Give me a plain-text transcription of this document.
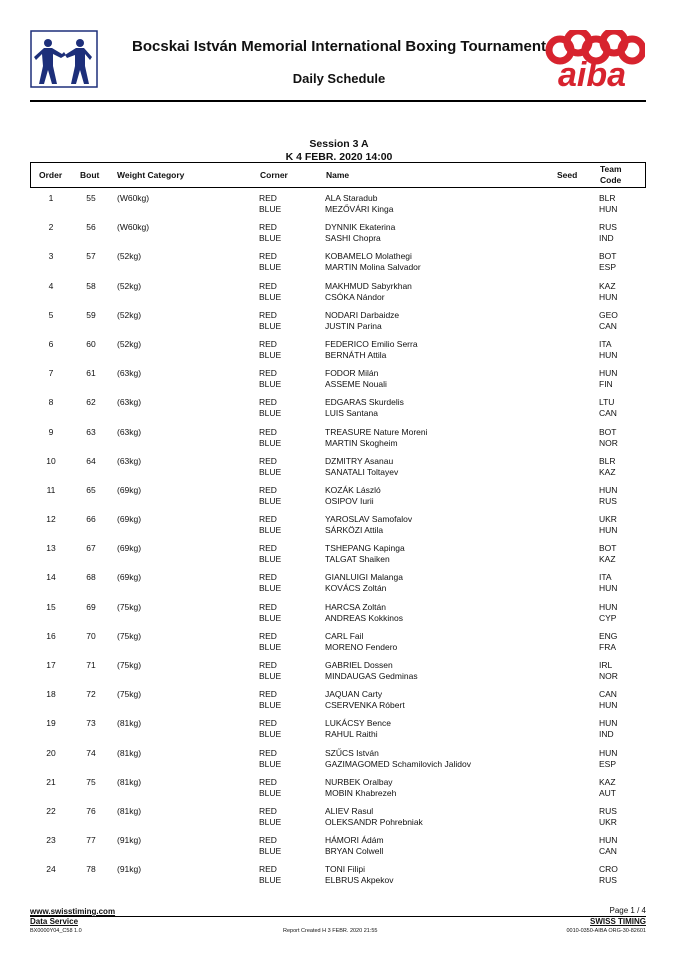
Bocskai István Memorial International Boxing Tournament
Daily Schedule	aiba
Session 3 A
K 4 FEBR. 2020 14:00
Order Bout Weight Category	Corner	Name	Seed
Team
Code
1	55	(W60kg)	RED	ALA Staradub	BLR
BLUE	MEZŐVÁRI Kinga	HUN
2	56	(W60kg)	RED	DYNNIK Ekaterina	RUS
BLUE	SASHI Chopra	IND
3	57	(52kg)	RED	KOBAMELO Molathegi	BOT
BLUE	MARTIN Molina Salvador	ESP
4	58	(52kg)	RED	MAKHMUD Sabyrkhan	KAZ
BLUE	CSÓKA Nándor	HUN
5	59	(52kg)	RED	NODARI Darbaidze	GEO
BLUE	JUSTIN Parina	CAN
6	60	(52kg)	RED	FEDERICO Emilio Serra	ITA
BLUE	BERNÁTH Attila	HUN
7	61	(63kg)	RED	FODOR Milán	HUN
BLUE	ASSEME Nouali	FIN
8	62	(63kg)	RED	EDGARAS Skurdelis	LTU
BLUE	LUIS Santana	CAN
9	63	(63kg)	RED	TREASURE Nature Moreni	BOT
BLUE	MARTIN Skogheim	NOR
10	64	(63kg)	RED	DZMITRY Asanau	BLR
BLUE	SANATALI Toltayev	KAZ
11	65	(69kg)	RED	KOZÁK László	HUN
BLUE	OSIPOV Iurii	RUS
12	66	(69kg)	RED	YAROSLAV Samofalov	UKR
BLUE	SÁRKÖZI Attila	HUN
13	67	(69kg)	RED	TSHEPANG Kapinga	BOT
BLUE	TALGAT Shaiken	KAZ
14	68	(69kg)	RED	GIANLUIGI Malanga	ITA
BLUE	KOVÁCS Zoltán	HUN
15	69	(75kg)	RED	HARCSA Zoltán	HUN
BLUE	ANDREAS Kokkinos	CYP
16	70	(75kg)	RED	CARL Fail	ENG
BLUE	MORENO Fendero	FRA
17	71	(75kg)	RED	GABRIEL Dossen	IRL
BLUE	MINDAUGAS Gedminas	NOR
18	72	(75kg)	RED	JAQUAN Carty	CAN
BLUE	CSERVENKA Róbert	HUN
19	73	(81kg)	RED	LUKÁCSY Bence	HUN
BLUE	RAHUL Raithi	IND
20	74	(81kg)	RED	SZŰCS István	HUN
BLUE	GAZIMAGOMED Schamilovich Jalidov	ESP
21	75	(81kg)	RED	NURBEK Oralbay	KAZ
BLUE	MOBIN Khabrezeh	AUT
22	76	(81kg)	RED	ALIEV Rasul	RUS
BLUE	OLEKSANDR Pohrebniak	UKR
23	77	(91kg)	RED	HÁMORI Ádám	HUN
BLUE	BRYAN Colwell	CAN
24	78	(91kg)	RED	TONI Filipi	CRO
BLUE	ELBRUS Akpekov	RUS
www.swisstiming.com	Page 1 / 4
Data Service	SWISS TIMING
BX0000Y04_C58 1.0	Report Created H 3 FEBR. 2020 21:55	0010-0350-AIBA ORG-30-82601
